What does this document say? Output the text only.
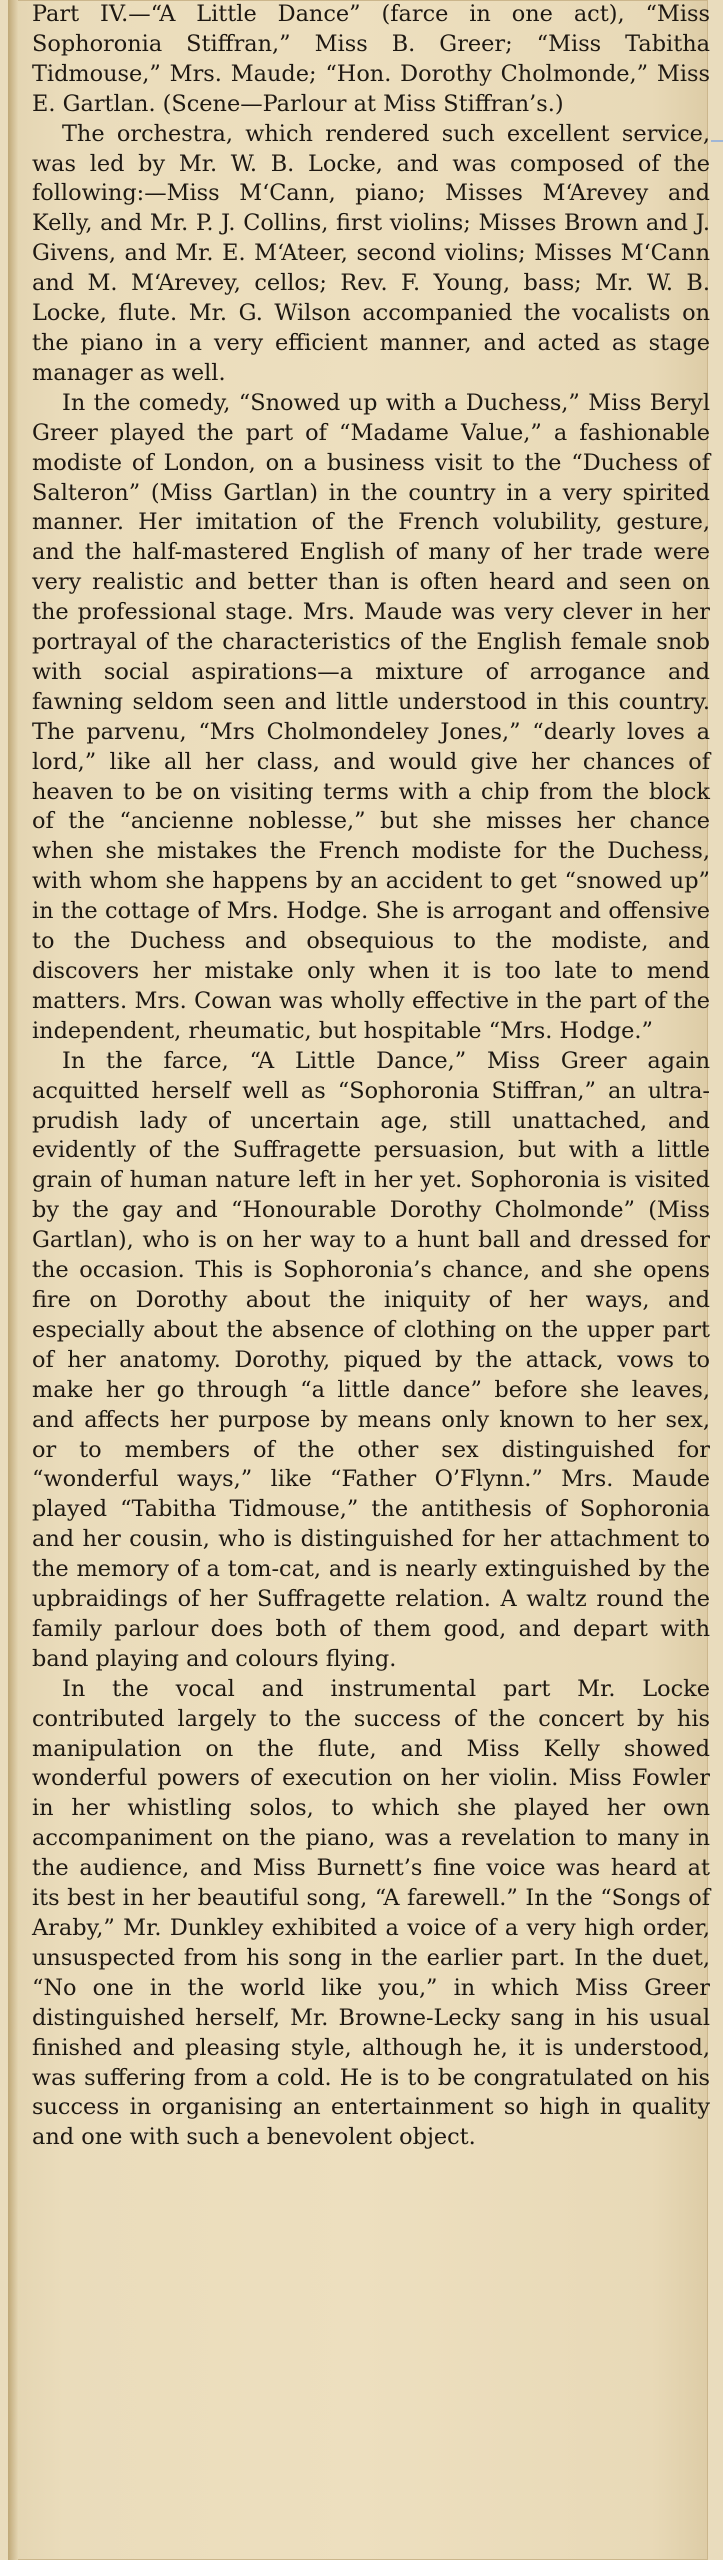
Part IV.—“A Little Dance” (farce in one act), “Miss Sophoronia Stiffran,” Miss B. Greer; “Miss Tabitha Tidmouse,” Mrs. Maude; “Hon. Dorothy Cholmonde,” Miss E. Gartlan. (Scene—Parlour at Miss Stiffran’s.)

The orchestra, which rendered such excellent service, was led by Mr. W. B. Locke, and was composed of the following:—Miss M‘Cann, piano; Misses M‘Arevey and Kelly, and Mr. P. J. Collins, first violins; Misses Brown and J. Givens, and Mr. E. M‘Ateer, second violins; Misses M‘Cann and M. M‘Arevey, cellos; Rev. F. Young, bass; Mr. W. B. Locke, flute. Mr. G. Wilson accompanied the vocalists on the piano in a very efficient manner, and acted as stage manager as well.

In the comedy, “Snowed up with a Duchess,” Miss Beryl Greer played the part of “Madame Value,” a fashionable modiste of London, on a business visit to the “Duchess of Salteron” (Miss Gartlan) in the country in a very spirited manner. Her imitation of the French volubility, gesture, and the half-mastered English of many of her trade were very realistic and better than is often heard and seen on the professional stage. Mrs. Maude was very clever in her portrayal of the characteristics of the English female snob with social aspirations—a mixture of arrogance and fawning seldom seen and little understood in this country. The parvenu, “Mrs Cholmondeley Jones,” “dearly loves a lord,” like all her class, and would give her chances of heaven to be on visiting terms with a chip from the block of the “ancienne noblesse,” but she misses her chance when she mistakes the French modiste for the Duchess, with whom she happens by an accident to get “snowed up” in the cottage of Mrs. Hodge. She is arrogant and offensive to the Duchess and obsequious to the modiste, and discovers her mistake only when it is too late to mend matters. Mrs. Cowan was wholly effective in the part of the independent, rheumatic, but hospitable “Mrs. Hodge.”

In the farce, “A Little Dance,” Miss Greer again acquitted herself well as “Sophoronia Stiffran,” an ultra-prudish lady of uncertain age, still unattached, and evidently of the Suffragette persuasion, but with a little grain of human nature left in her yet. Sophoronia is visited by the gay and “Honourable Dorothy Cholmonde” (Miss Gartlan), who is on her way to a hunt ball and dressed for the occasion. This is Sophoronia’s chance, and she opens fire on Dorothy about the iniquity of her ways, and especially about the absence of clothing on the upper part of her anatomy. Dorothy, piqued by the attack, vows to make her go through “a little dance” before she leaves, and affects her purpose by means only known to her sex, or to members of the other sex distinguished for “wonderful ways,” like “Father O’Flynn.” Mrs. Maude played “Tabitha Tidmouse,” the antithesis of Sophoronia and her cousin, who is distinguished for her attachment to the memory of a tom-cat, and is nearly extinguished by the upbraidings of her Suffragette relation. A waltz round the family parlour does both of them good, and depart with band playing and colours flying.

In the vocal and instrumental part Mr. Locke contributed largely to the success of the concert by his manipulation on the flute, and Miss Kelly showed wonderful powers of execution on her violin. Miss Fowler in her whistling solos, to which she played her own accompaniment on the piano, was a revelation to many in the audience, and Miss Burnett’s fine voice was heard at its best in her beautiful song, “A farewell.” In the “Songs of Araby,” Mr. Dunkley exhibited a voice of a very high order, unsuspected from his song in the earlier part. In the duet, “No one in the world like you,” in which Miss Greer distinguished herself, Mr. Browne-Lecky sang in his usual finished and pleasing style, although he, it is understood, was suffering from a cold. He is to be congratulated on his success in organising an entertainment so high in quality and one with such a benevolent object.
